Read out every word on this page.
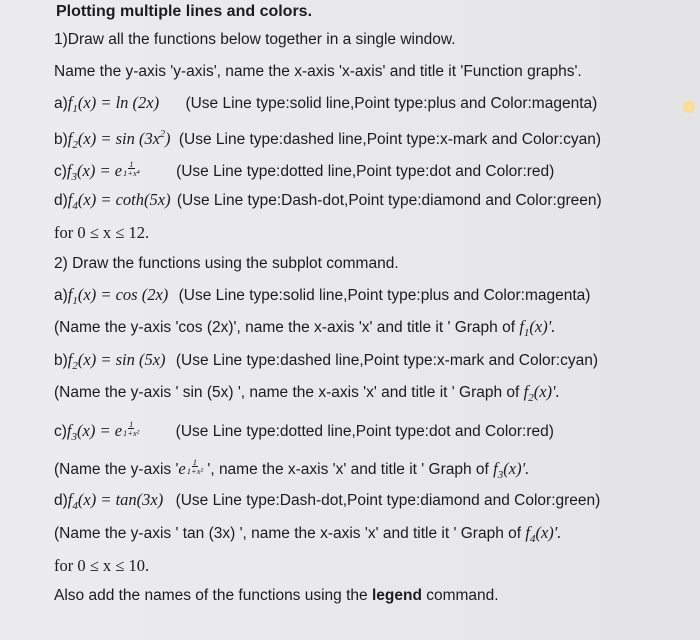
Plotting multiple lines and colors.
1)Draw all the functions below together in a single window.
Name the y-axis 'y-axis', name the x-axis 'x-axis' and title it 'Function graphs'.
$a)f_1(x) = \ln (2x)$ (Use Line type:solid line,Point type:plus and Color:magenta)
$b)f_2(x) = \sin (3x^2)$ (Use Line type:dashed line,Point type:x-mark and Color:cyan)
$c)f_3(x) = e \frac{1}{\text{1+x⁴}} (Use$ Line type:dotted line,Point type:dot and Color:red)
$d)f_4(x) = \cot h(5x)$ (Use Line type:Dash-dot,Point type:diamond and Color:green)
for 0 ≤ x ≤ 12.
2) Draw the functions using the subplot command.
$a)f_1(x) = \cos (2x)$ (Use Line type:solid line,Point type:plus and Color:magenta)
(Name the y-axis 'cos (2x)', name the x-axis 'x' and title it ' Graph of $f_1(x)'$.
$b)f_2(x) = \sin (5x)$ (Use Line type:dashed line,Point type:x-mark and Color:cyan)
(Name the y-axis ' sin (5x) ', name the x-axis 'x' and title it ' Graph of $f_2(x)'$.
$c)f_3(x) = e \frac{1}{\text{1+x²}} (Use$ Line type:dotted line,Point type:dot and Color:red)
(Name the y-axis '$e \frac{1}{\text{1+x²}}$ ', name the x-axis 'x' and title it ' Graph of $f_3(x)'$.
$d)f_4(x) = \tan(3x)$ (Use Line type:Dash-dot,Point type:diamond and Color:green)
(Name the y-axis ' tan (3x) ', name the x-axis 'x' and title it ' Graph of $f_4(x)'$.
for 0 ≤ x ≤ 10.
Also add the names of the functions using the legend command.
